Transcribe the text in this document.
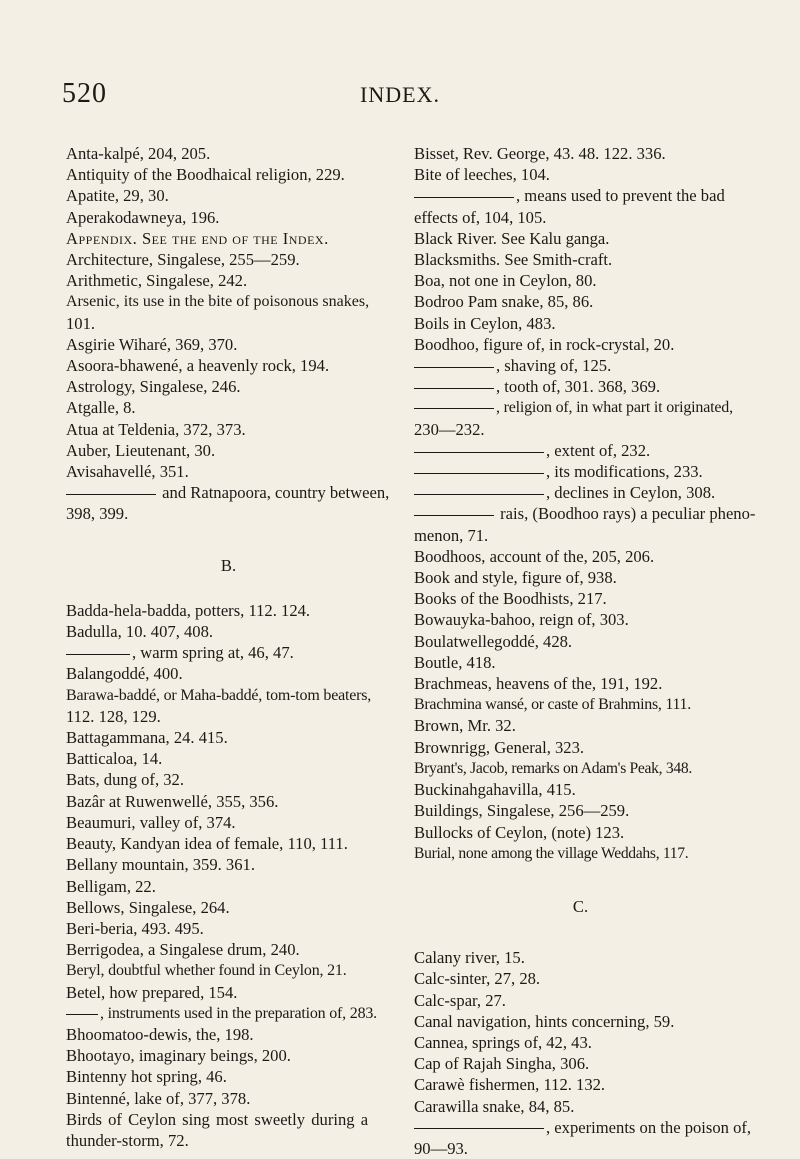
520	INDEX.
Anta-kalpé, 204, 205.
Antiquity of the Boodhaical religion, 229.
Apatite, 29, 30.
Aperakodawneya, 196.
Appendix. See the end of the Index.
Architecture, Singalese, 255—259.
Arithmetic, Singalese, 242.
Arsenic, its use in the bite of poisonous snakes,
101.
Asgirie Wiharé, 369, 370.
Asoora-bhawené, a heavenly rock, 194.
Astrology, Singalese, 246.
Atgalle, 8.
Atua at Teldenia, 372, 373.
Auber, Lieutenant, 30.
Avisahavellé, 351.
and Ratnapoora, country between,
398, 399.
B.
Badda-hela-badda, potters, 112. 124.
Badulla, 10. 407, 408.
, warm spring at, 46, 47.
Balangoddé, 400.
Barawa-baddé, or Maha-baddé, tom-tom beaters,
112. 128, 129.
Battagammana, 24. 415.
Batticaloa, 14.
Bats, dung of, 32.
Bazâr at Ruwenwellé, 355, 356.
Beaumuri, valley of, 374.
Beauty, Kandyan idea of female, 110, 111.
Bellany mountain, 359. 361.
Belligam, 22.
Bellows, Singalese, 264.
Beri-beria, 493. 495.
Berrigodea, a Singalese drum, 240.
Beryl, doubtful whether found in Ceylon, 21.
Betel, how prepared, 154.
, instruments used in the preparation of, 283.
Bhoomatoo-dewis, the, 198.
Bhootayo, imaginary beings, 200.
Bintenny hot spring, 46.
Bintenné, lake of, 377, 378.
Birds of Ceylon sing most sweetly during a
thunder-storm, 72.
Bisset, Rev. George, 43. 48. 122. 336.
Bite of leeches, 104.
, means used to prevent the bad
effects of, 104, 105.
Black River. See Kalu ganga.
Blacksmiths. See Smith-craft.
Boa, not one in Ceylon, 80.
Bodroo Pam snake, 85, 86.
Boils in Ceylon, 483.
Boodhoo, figure of, in rock-crystal, 20.
, shaving of, 125.
, tooth of, 301. 368, 369.
, religion of, in what part it originated,
230—232.
, extent of, 232.
, its modifications, 233.
, declines in Ceylon, 308.
rais, (Boodhoo rays) a peculiar pheno-
menon, 71.
Boodhoos, account of the, 205, 206.
Book and style, figure of, 938.
Books of the Boodhists, 217.
Bowauyka-bahoo, reign of, 303.
Boulatwellegoddé, 428.
Boutle, 418.
Brachmeas, heavens of the, 191, 192.
Brachmina wansé, or caste of Brahmins, 111.
Brown, Mr. 32.
Brownrigg, General, 323.
Bryant's, Jacob, remarks on Adam's Peak, 348.
Buckinahgahavilla, 415.
Buildings, Singalese, 256—259.
Bullocks of Ceylon, (note) 123.
Burial, none among the village Weddahs, 117.
C.
Calany river, 15.
Calc-sinter, 27, 28.
Calc-spar, 27.
Canal navigation, hints concerning, 59.
Cannea, springs of, 42, 43.
Cap of Rajah Singha, 306.
Carawè fishermen, 112. 132.
Carawilla snake, 84, 85.
, experiments on the poison of,
90—93.
